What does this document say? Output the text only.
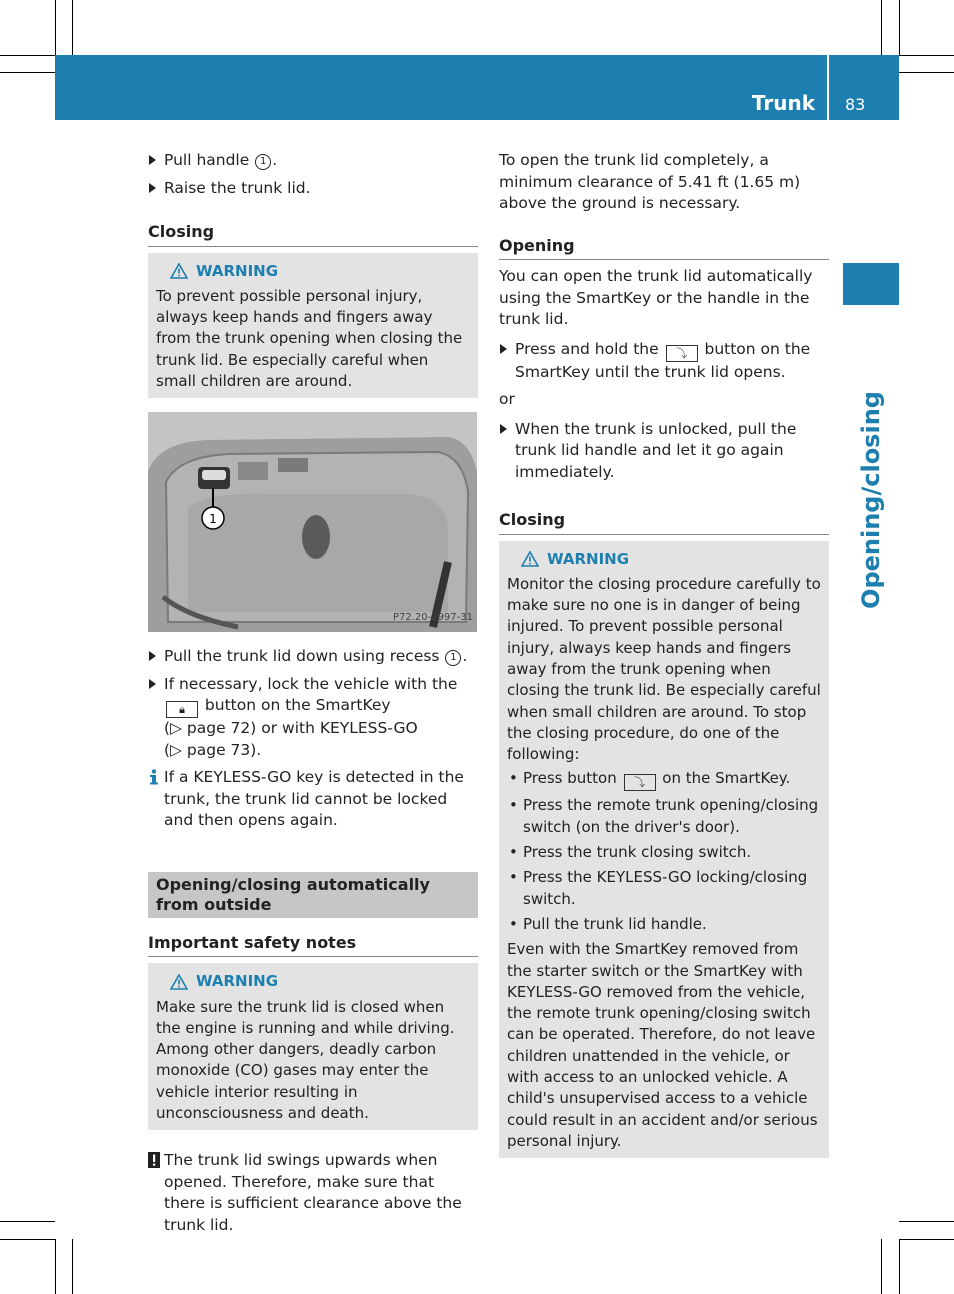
Trunk 83
Opening/closing
Pull handle 1 .
Raise the trunk lid.
Closing
WARNING
To prevent possible personal injury, always keep hands and fingers away from the trunk opening when closing the trunk lid. Be especially careful when small children are around.
1
P72.20-2997-31
Pull the trunk lid down using recess 1 .
If necessary, lock the vehicle with the 🔒︎ button on the SmartKey
(▷ page 72) or with KEYLESS-GO
(▷ page 73).
If a KEYLESS-GO key is detected in the trunk, the trunk lid cannot be locked and then opens again.
Opening/closing automatically from outside
Important safety notes
WARNING
Make sure the trunk lid is closed when the engine is running and while driving. Among other dangers, deadly carbon monoxide (CO) gases may enter the vehicle interior resulting in unconsciousness and death.
The trunk lid swings upwards when opened. Therefore, make sure that there is sufficient clearance above the trunk lid.

To open the trunk lid completely, a minimum clearance of 5.41 ft (1.65 m) above the ground is necessary.

Opening

You can open the trunk lid automatically using the SmartKey or the handle in the trunk lid.

Press and hold the ⤵︎ button on the SmartKey until the trunk lid opens.

or

When the trunk is unlocked, pull the trunk lid handle and let it go again immediately.
Closing
WARNING
Monitor the closing procedure carefully to make sure no one is in danger of being injured. To prevent possible personal injury, always keep hands and fingers away from the trunk opening when closing the trunk lid. Be especially careful when small children are around. To stop the closing procedure, do one of the following:
• Press button ⤵︎ on the SmartKey.
• Press the remote trunk opening/closing switch (on the driver's door).
• Press the trunk closing switch.
• Press the KEYLESS-GO locking/closing switch.
• Pull the trunk lid handle.
Even with the SmartKey removed from the starter switch or the SmartKey with KEYLESS-GO removed from the vehicle, the remote trunk opening/closing switch can be operated. Therefore, do not leave children unattended in the vehicle, or with access to an unlocked vehicle. A child's unsupervised access to a vehicle could result in an accident and/or serious personal injury.
